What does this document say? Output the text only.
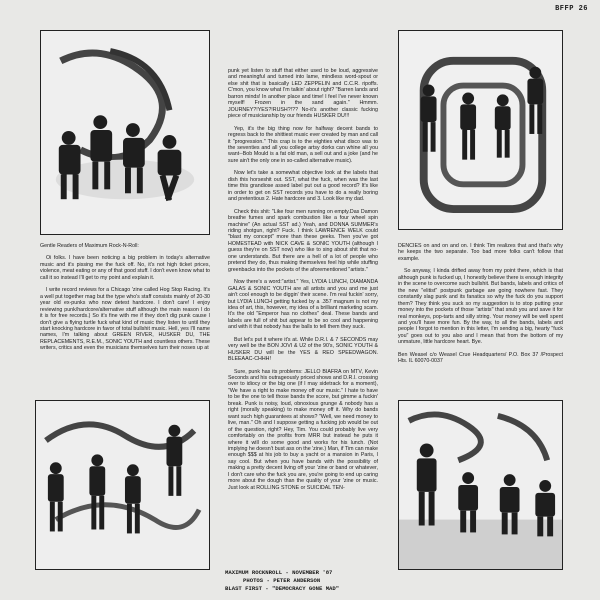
BFFP 26

Gentle Readers of Maximum Rock-N-Roll:

Oi folks. I have been noticing a big problem in today's alternative music and it's pissing me the fuck off. No, it's not high ticket prices, violence, meat eating or any of that good stuff. I don't even know what to call it so instead I'll get to my point and explain it.

I write record reviews for a Chicago 'zine called Hog Stop Racing. It's a well put together mag but the type who's staff consists mainly of 20-30 year old ex-punks who now detest hardcore. I don't care! I enjoy reviewing punk/hardcore/alternative stuff although the main reason I do it is for free records.) So it's fine with me if they don't dig punk cause I don't give a flying turtle fuck what kind of music they listen to until they start knocking hardcore in favor of total bullshit music. Hell, yes I'll name names, I'm talking about GREEN RIVER, HUSKER DU, THE REPLACEMENTS, R.E.M., SONIC YOUTH and countless others. These writers, critics and even the musicians themselves turn their noses up at

punk yet listen to stuff that either used to be loud, aggressive and meaningful and turned into lame, mindless word-spout or else shit that is basically LED ZEPPELIN and C.C.R. ripoffs. C'mon, you know what I'm talkin' about right? "Barren lands and barron minds! In another place and time! I feel I've never known myself! Frozen in the sand again." Hmmm. JOURNEY?!YES?!RUSH?!?? No-it's another classic fucking piece of musicianship by our friends HUSKER DU!!!

Yep, it's the big thing now for halfway decent bands to regress back to the shittiest music ever created by man and call it "progression." This crap is to the eighties what disco was to the seventies and all you college artsy dorks can whine all you want--Bob Mould is a fat old man, a sell out and a joke (and he sure ain't the only one in so-called alternative music).

Now let's take a somewhat objective look at the labels that dish this horseshit out. SST, what the fuck, when was the last time this grandiose assed label put out a good record? It's like in order to get on SST records you have to do a really boring and pretentious 2. Hate hardcore and 3. Look like my dad.

Check this shit: "Like four men running on empty.Das Damon breathe fumes and spark combustion like a four wheel spin machine" (An actual SST ad.) Yeah, and DONNA SUMMER's riding shotgun, right? Fuck. I think LAWRENCE WELK could "blast my concept" more than these geeks. Then you've got HOMESTEAD with NICK CAVE & SONIC YOUTH (although I guess they're on SST now) who like to sing about shit that no-one understands. But there are a hell of a lot of people who pretend they do, thus making themselves feel hip while stuffing greenbacks into the pockets of the aforementioned "artists."

Now there's a word:"artist." Yes, LYDIA LUNCH, DIAMANDA GALAS & SONIC YOUTH are all artists and you and me just ain't cool enough to be diggin' their scene. I'm real fuckin' sorry, but LYDIA LUNCH getting fucked by a .357 magnum is not my idea of art, this, however, my idea of a brilliant marketing scam. It's the old "Emperor has no clothes" deal. These bands and labels are full of shit but appear to be so cool and happening and with it that nobody has the balls to tell them they suck.

But let's put it where it's at. While D.R.I. & 7 SECONDS may very well be the BON JOVI & U2 of the 90's, SONIC YOUTH & HUSKER DU will be the YES & REO SPEEDWAGON. BLEEAAC-CHHH!

Sure, punk has its problems: JELLO BIAFRA on MTV, Kevin Seconds and his outrageously priced shows and D.R.I. crossing over to idiocy or the big one (if I may sidetrack for a moment), "We have a right to make money off our music." I hate to have to be the one to tell those bands the score, but gimme a fuckin' break. Punk is noisy, loud, obnoxious grunge & nobody has a right (morally speaking) to make money off it. Why do bands want such high guarantees at shows? "Well, we need money to live, man." Oh and I suppose getting a fucking job would be out of the question, right? Hey, Tim. You could probably live very comfortably on the profits from MRR but instead he puts it where it will do some good and works for his lunch. (Not implying he doesn't bust ass on the 'zine.) Man, if Tim can make enough $$$ at his job to buy a yacht or a mansion in Paris, I say cool. But when you have bands with the possibility of making a pretty decent living off your 'zine or band or whatever, I don't care who the fuck you are, you're going to end up caring more about the dough than the quality of your 'zine or music. Just look at ROLLING STONE or SUICIDAL TEN-

DENCIES on and on and on. I think Tim realizes that and that's why he keeps the two separate. Too bad more folks can't follow that example.

So anyway, I kinda drifted away from my point there, which is that although punk is fucked up, I honestly believe there is enough integrity in the scene to overcome such bullshit. But bands, labels and critics of the new "elitist" postpunk garbage are going nowhere fast. They constantly slag punk and its fanatics so why the fuck do you support them? They think you suck so my suggestion is to stop putting your money into the pockets of those "artists" that snub you and save it for real monkeys, pop-tarts and silly string. Your money will be well spent and you'll have more fun. By the way, to all the bands, labels and people I forgot to mention in this letter, I'm sending a big, hearty "fuck you" goes out to you also and I mean that from the bottom of my unmature, little hardcore heart. Bye.

Ben Weasel c/o Weasel Crue Headquarters/ P.O. Box 37 /Prospect Hts. IL 60070-0037

MAXIMUM ROCKNROLL - NOVEMBER '87
PHOTOS - PETER ANDERSON
BLAST FIRST - "DEMOCRACY GONE MAD"
